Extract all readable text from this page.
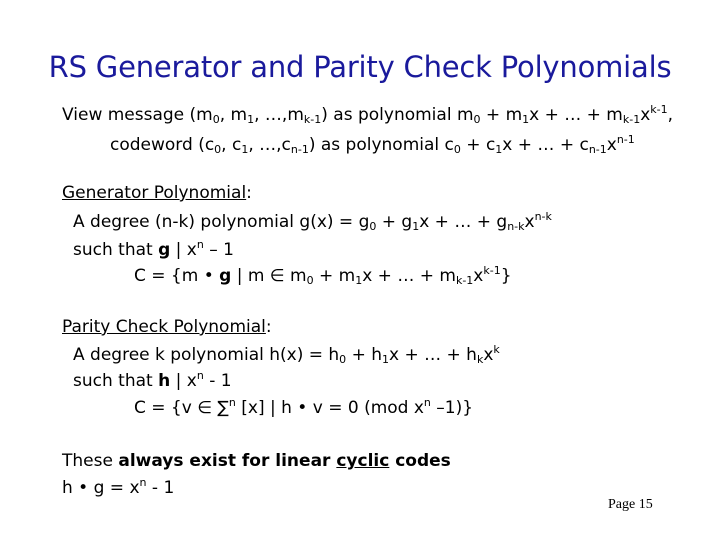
RS Generator and Parity Check Polynomials
View message ($m_0$, $m_1$, $\dots,m_{k-1}$) as polynomial $m_0 + m_1x$ + … + $m_{k-1}x^{k-1}$,
codeword ($c_0$, $c_1$, $\dots,c_{n-1}$) as polynomial $c_0 + c_1x$ + … + $c_{n-1}x^{n-1}$
Generator Polynomial:
A degree (n-k) polynomial $g(x) = g_0 + g_1x$ + … + $g_{n-k}x^{n-k}$
such that g | $x^n - 1$
C = {m • g | m ∈ $m_0 + m_1x$ + … + $m_{k-1}x^{k-1}$}
Parity Check Polynomial:
A degree k polynomial $h(x) = h_0 + h_1x$ + … + $h_kx^k$
such that h | $x^n - 1$
C = {v ∈ ∑$^n$ [x] | h • v = 0 (mod $x^n$ –1)}
These always exist for linear cyclic codes
h • $g = x^n - 1$
Page 15
